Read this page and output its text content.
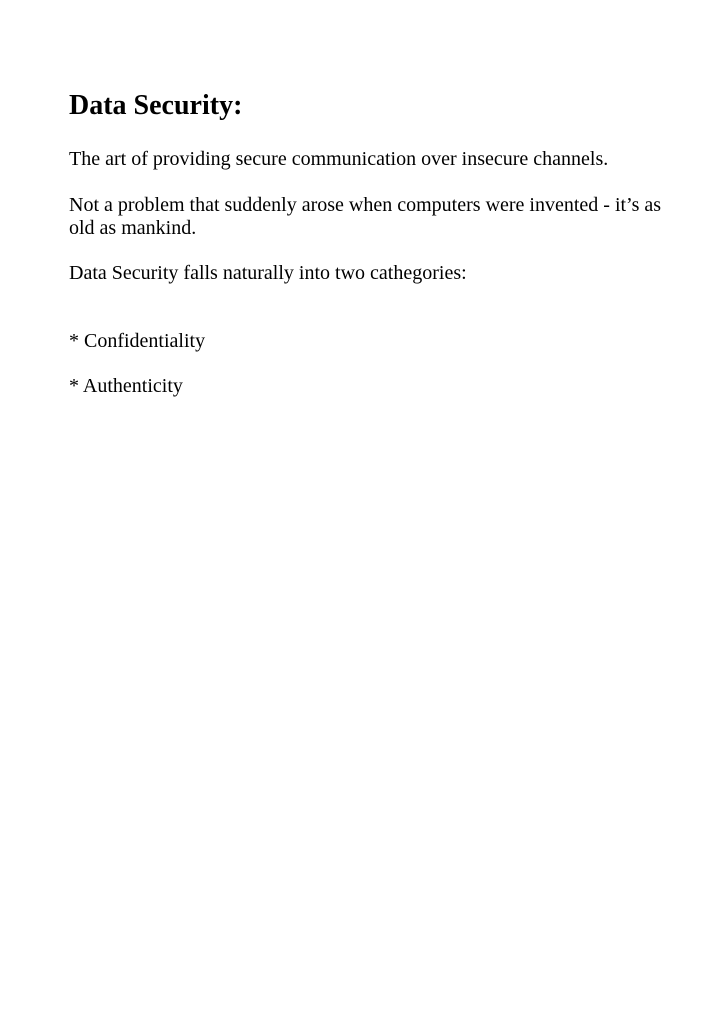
Data Security:

The art of providing secure communication over insecure channels.

Not a problem that suddenly arose when computers were invented - it’s as old as mankind.

Data Security falls naturally into two cathegories:

* Confidentiality
* Authenticity
